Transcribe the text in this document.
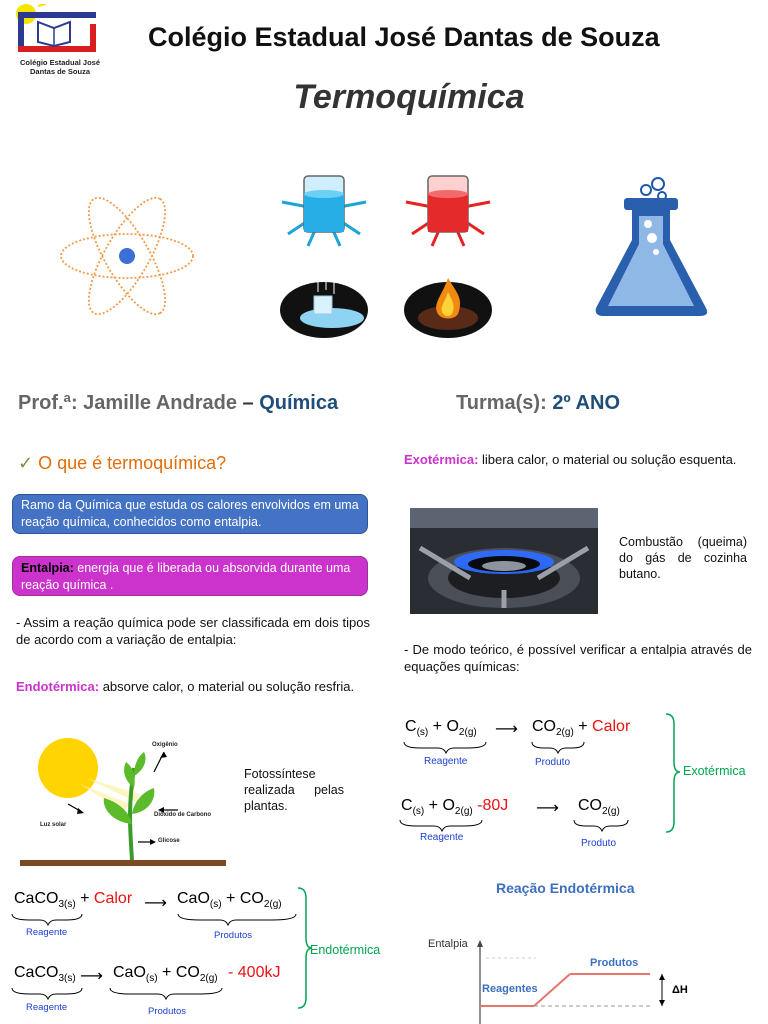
Colégio Estadual José
Dantas de Souza
Colégio Estadual José Dantas de Souza
Termoquímica
Prof.ª: Jamille Andrade – Química	Turma(s): 2º ANO
✓ O que é termoquímica?
Ramo da Química que estuda os calores envolvidos em uma reação química, conhecidos como entalpia.
Entalpia: energia que é liberada ou absorvida durante uma reação química .
- Assim a reação química pode ser classificada em dois tipos de acordo com a variação de entalpia:
Endotérmica: absorve calor, o material ou solução resfria.
Oxigênio
Dióxido de Carbono
Luz solar
Glicose
Fotossíntese realizada pelas plantas.
CaCO$_{3(s)}$ + Calor ⟶ $CaO_{(s)} + CO_{2(g)}$
Reagente	Produtos
CaCO$_{3(s)}$ ⟶ $CaO_{(s)} + CO_{2(g)} - 400kJ$
Reagente	Produtos
Endotérmica
Exotérmica: libera calor, o material ou solução esquenta.
Combustão (queima) do gás de cozinha butano.
- De modo teórico, é possível verificar a entalpia através de equações químicas:
$C_{(s)} + O_{2(g)}$ ⟶ $CO_{2(g)}$ + Calor
Reagente	Produto
$C_{(s)} + O_{2(g)}$ -80J ⟶ $CO_{2(g)}$
Reagente
Produto
Exotérmica
Reação Endotérmica
Entalpia
Produtos
Reagentes	ΔH
